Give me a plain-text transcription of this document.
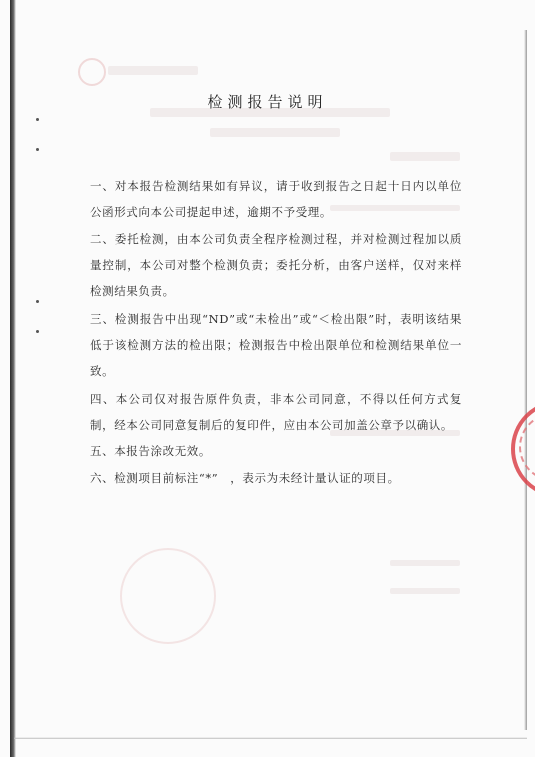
检测报告说明
一、对本报告检测结果如有异议，请于收到报告之日起十日内以单位公函形式向本公司提起申述，逾期不予受理。
二、委托检测，由本公司负责全程序检测过程，并对检测过程加以质量控制，本公司对整个检测负责；委托分析，由客户送样，仅对来样检测结果负责。
三、检测报告中出现“ND”或“未检出”或“＜检出限”时，表明该结果低于该检测方法的检出限；检测报告中检出限单位和检测结果单位一致。
四、本公司仅对报告原件负责，非本公司同意，不得以任何方式复制，经本公司同意复制后的复印件，应由本公司加盖公章予以确认。
五、本报告涂改无效。
六、检测项目前标注“*”　，表示为未经计量认证的项目。
